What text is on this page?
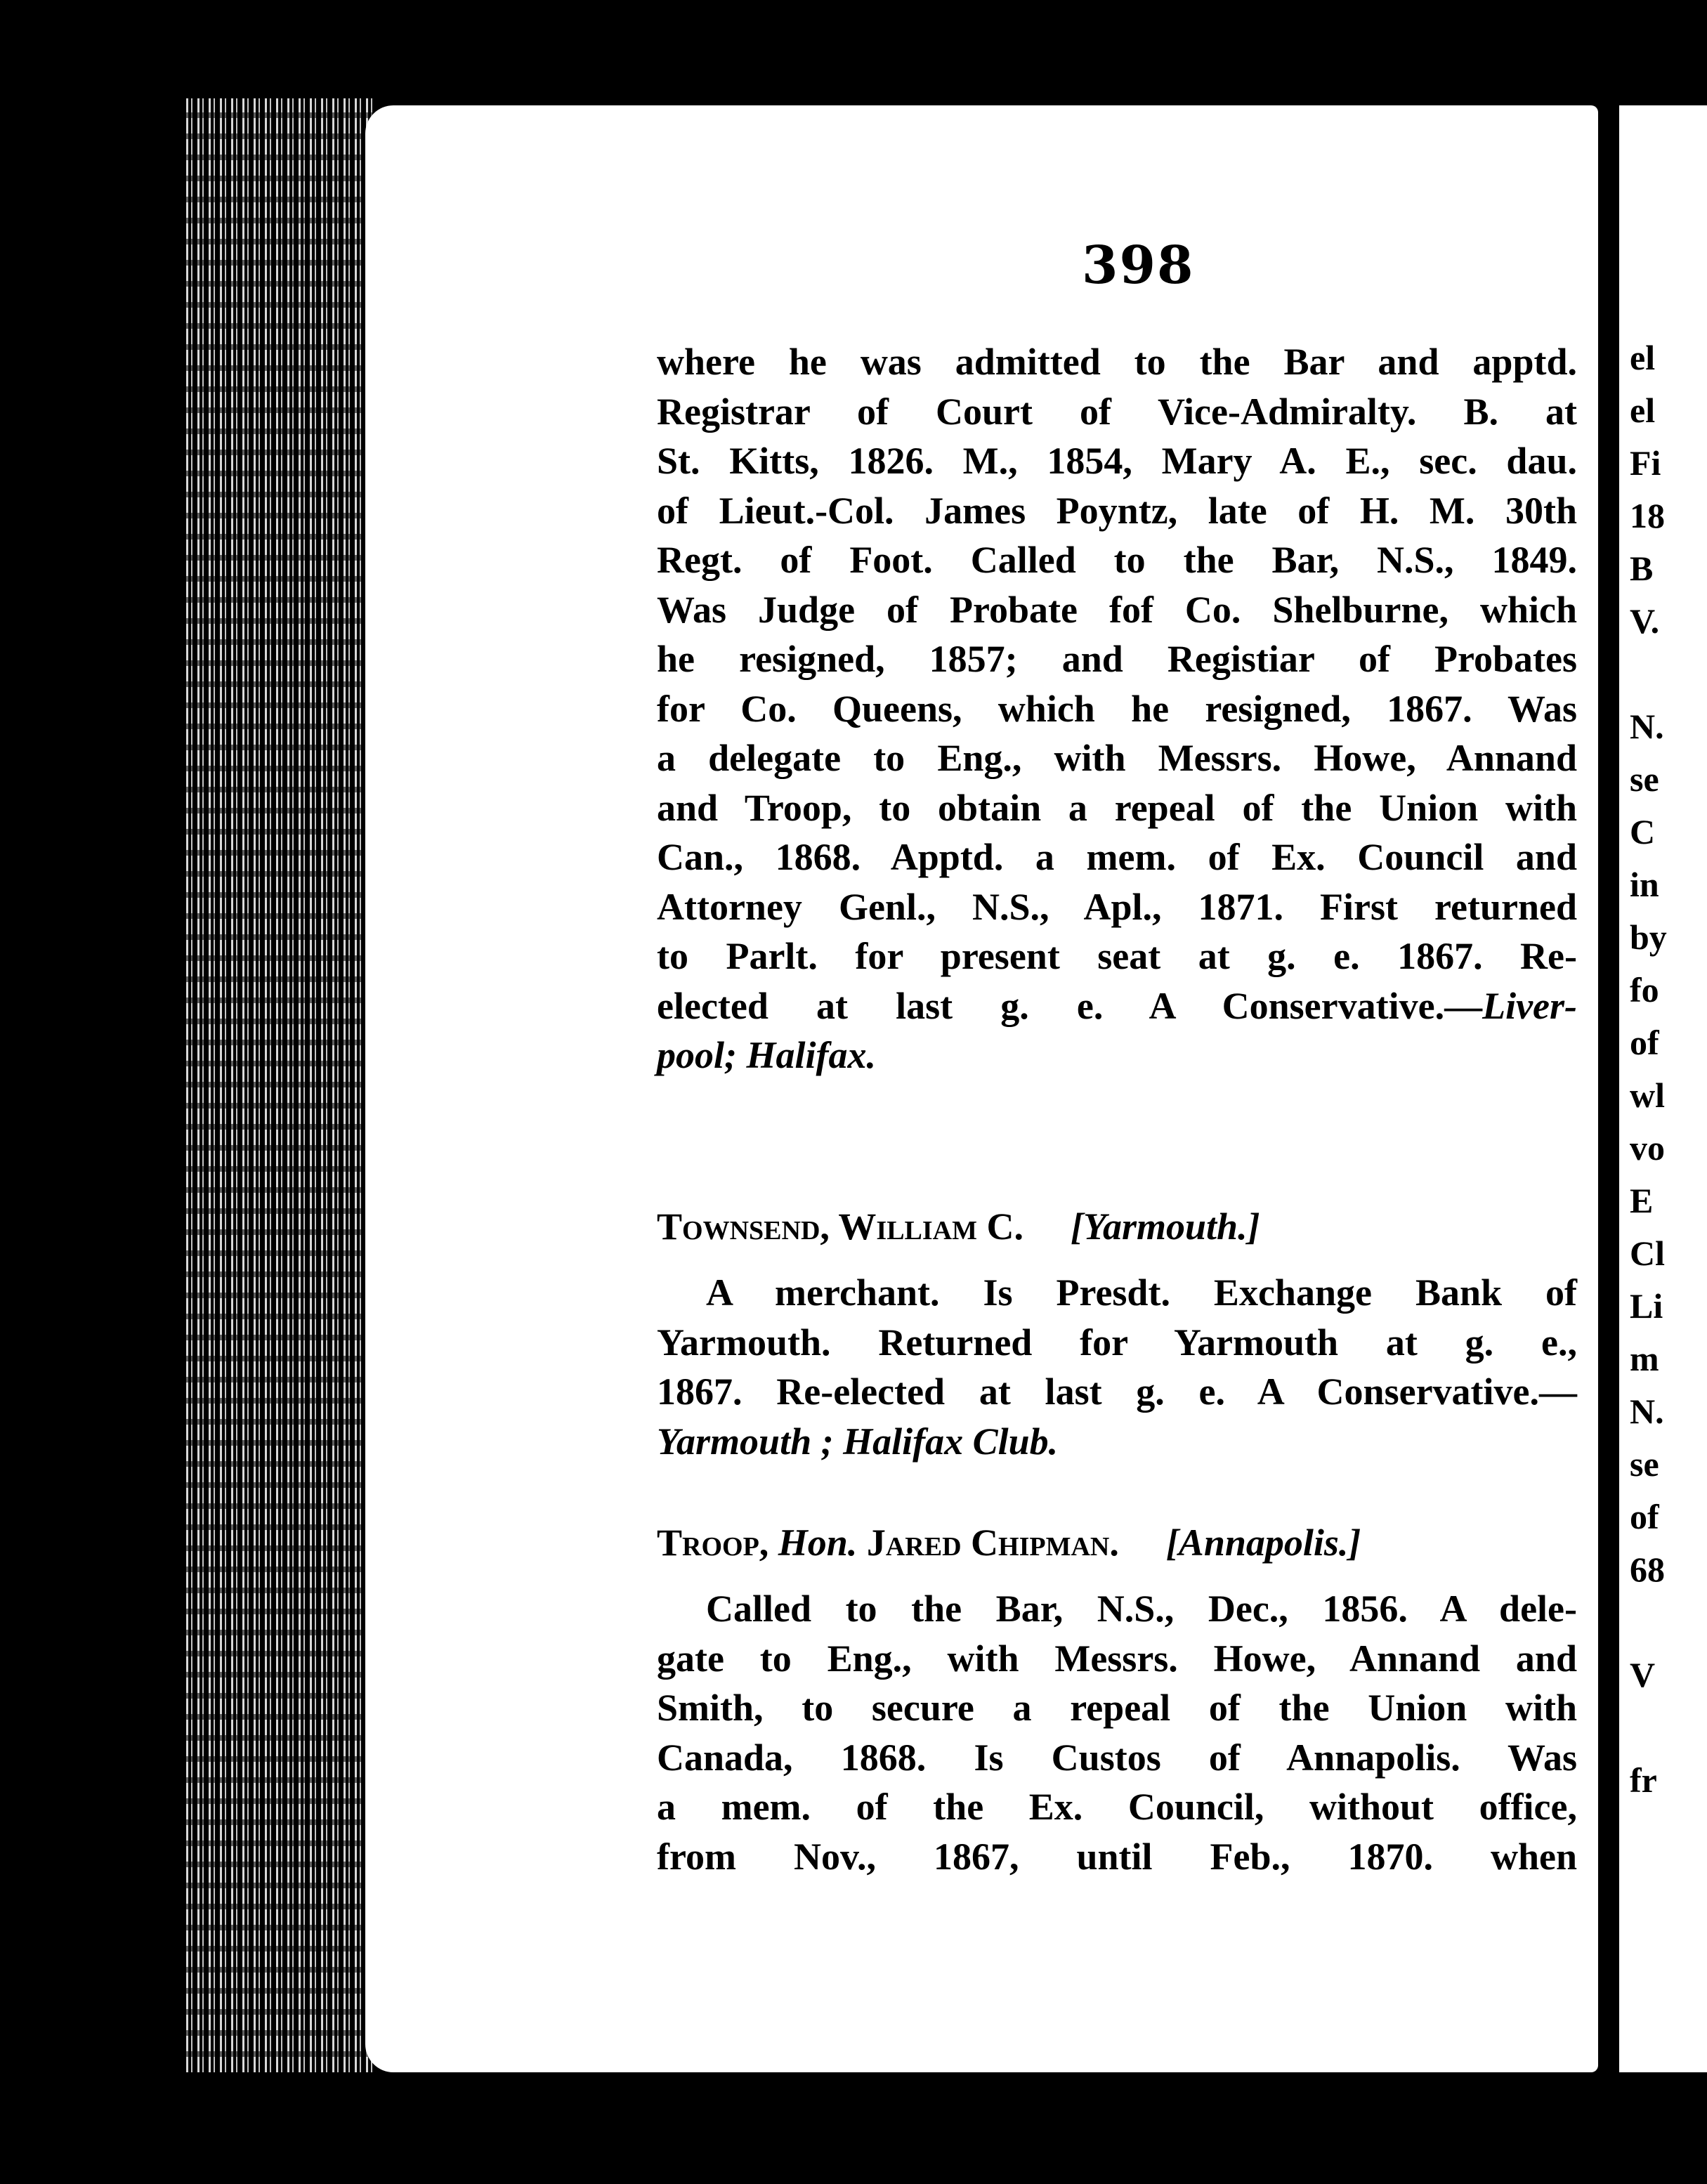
398
where he was admitted to the Bar and apptd.
Registrar of Court of Vice-Admiralty. B. at
St. Kitts, 1826. M., 1854, Mary A. E., sec. dau.
of Lieut.-Col. James Poyntz, late of H. M. 30th
Regt. of Foot. Called to the Bar, N.S., 1849.
Was Judge of Probate fof Co. Shelburne, which
he resigned, 1857; and Registiar of Probates
for Co. Queens, which he resigned, 1867. Was
a delegate to Eng., with Messrs. Howe, Annand
and Troop, to obtain a repeal of the Union with
Can., 1868. Apptd. a mem. of Ex. Council and
Attorney Genl., N.S., Apl., 1871. First returned
to Parlt. for present seat at g. e. 1867. Re-
elected at last g. e. A Conservative.—Liver-
pool; Halifax.
Townsend, William C. [Yarmouth.]
A merchant. Is Presdt. Exchange Bank of
Yarmouth. Returned for Yarmouth at g. e.,
1867. Re-elected at last g. e. A Conservative.—
Yarmouth ; Halifax Club.
Troop, Hon. Jared Chipman. [Annapolis.]
Called to the Bar, N.S., Dec., 1856. A dele-
gate to Eng., with Messrs. Howe, Annand and
Smith, to secure a repeal of the Union with
Canada, 1868. Is Custos of Annapolis. Was
a mem. of the Ex. Council, without office,
from Nov., 1867, until Feb., 1870. when
el
el
Fi
18
B
V.
N.
se
C
in
by
fo
of
wl
vo
E
Cl
Li
m
N.
se
of
68
V
fr
